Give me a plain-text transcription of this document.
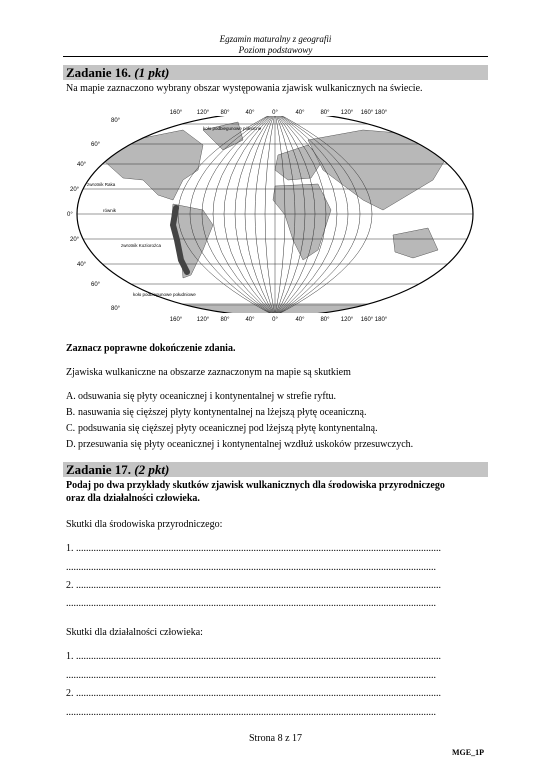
Egzamin maturalny z geografii
Poziom podstawowy
Zadanie 16. (1 pkt)
Na mapie zaznaczono wybrany obszar występowania zjawisk wulkanicznych na świecie.
160° 120° 80°	40°	0°	40°	80° 120° 160° 180°
160° 120° 80°	40°	0°	40°	80° 120° 160° 180°
80°
60°
40°
20°
0°
20°
40°
60°
80°
koło podbiegunowe północne
zwrotnik Raka
równik
zwrotnik Koziorożca
koło podbiegunowe południowe
Zaznacz poprawne dokończenie zdania.
Zjawiska wulkaniczne na obszarze zaznaczonym na mapie są skutkiem
A. odsuwania się płyty oceanicznej i kontynentalnej w strefie ryftu.
B. nasuwania się cięższej płyty kontynentalnej na lżejszą płytę oceaniczną.
C. podsuwania się cięższej płyty oceanicznej pod lżejszą płytę kontynentalną.
D. przesuwania się płyty oceanicznej i kontynentalnej wzdłuż uskoków przesuwczych.
Zadanie 17. (2 pkt)
Podaj po dwa przykłady skutków zjawisk wulkanicznych dla środowiska przyrodniczego
oraz dla działalności człowieka.
Skutki dla środowiska przyrodniczego:
1. ..................................................................................................................................................
....................................................................................................................................................
2. ..................................................................................................................................................
....................................................................................................................................................
Skutki dla działalności człowieka:
1. ..................................................................................................................................................
....................................................................................................................................................
2. ..................................................................................................................................................
....................................................................................................................................................
Strona 8 z 17
MGE_1P
